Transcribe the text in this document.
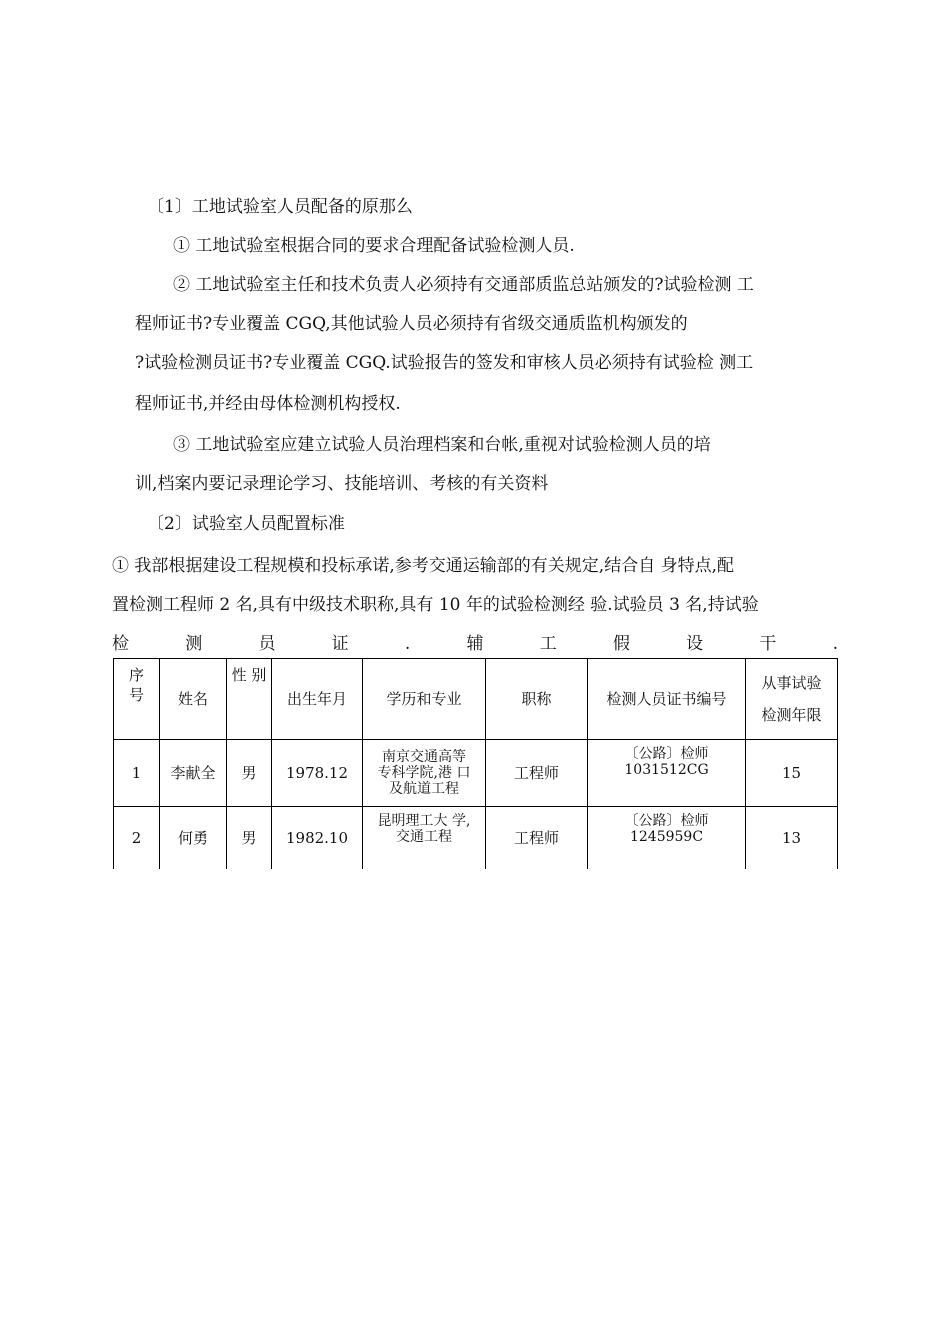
〔1〕工地试验室人员配备的原那么
① 工地试验室根据合同的要求合理配备试验检测人员.
② 工地试验室主任和技术负责人必须持有交通部质监总站颁发的?试验检测 工
程师证书?专业覆盖 CGQ,其他试验人员必须持有省级交通质监机构颁发的
?试验检测员证书?专业覆盖 CGQ.试验报告的签发和审核人员必须持有试验检 测工
程师证书,并经由母体检测机构授权.
③ 工地试验室应建立试验人员治理档案和台帐,重视对试验检测人员的培
训,档案内要记录理论学习、技能培训、考核的有关资料
〔2〕试验室人员配置标准
① 我部根据建设工程规模和投标承诺,参考交通运输部的有关规定,结合自 身特点,配
置检测工程师 2 名,具有中级技术职称,具有 10 年的试验检测经 验.试验员 3 名,持试验
检	测	员	证	.	辅	工	假	设	干	.
序
号	姓名	性 别	出生年月	学历和专业	职称	检测人员证书编号	从事试验
检测年限

1	李献全	男	1978.12	南京交通高等
专科学院,港 口
及航道工程	工程师	〔公路〕检师
1031512CG	15
2	何勇	男	1982.10	昆明理工大 学,
交通工程	工程师	〔公路〕检师
1245959C	13
